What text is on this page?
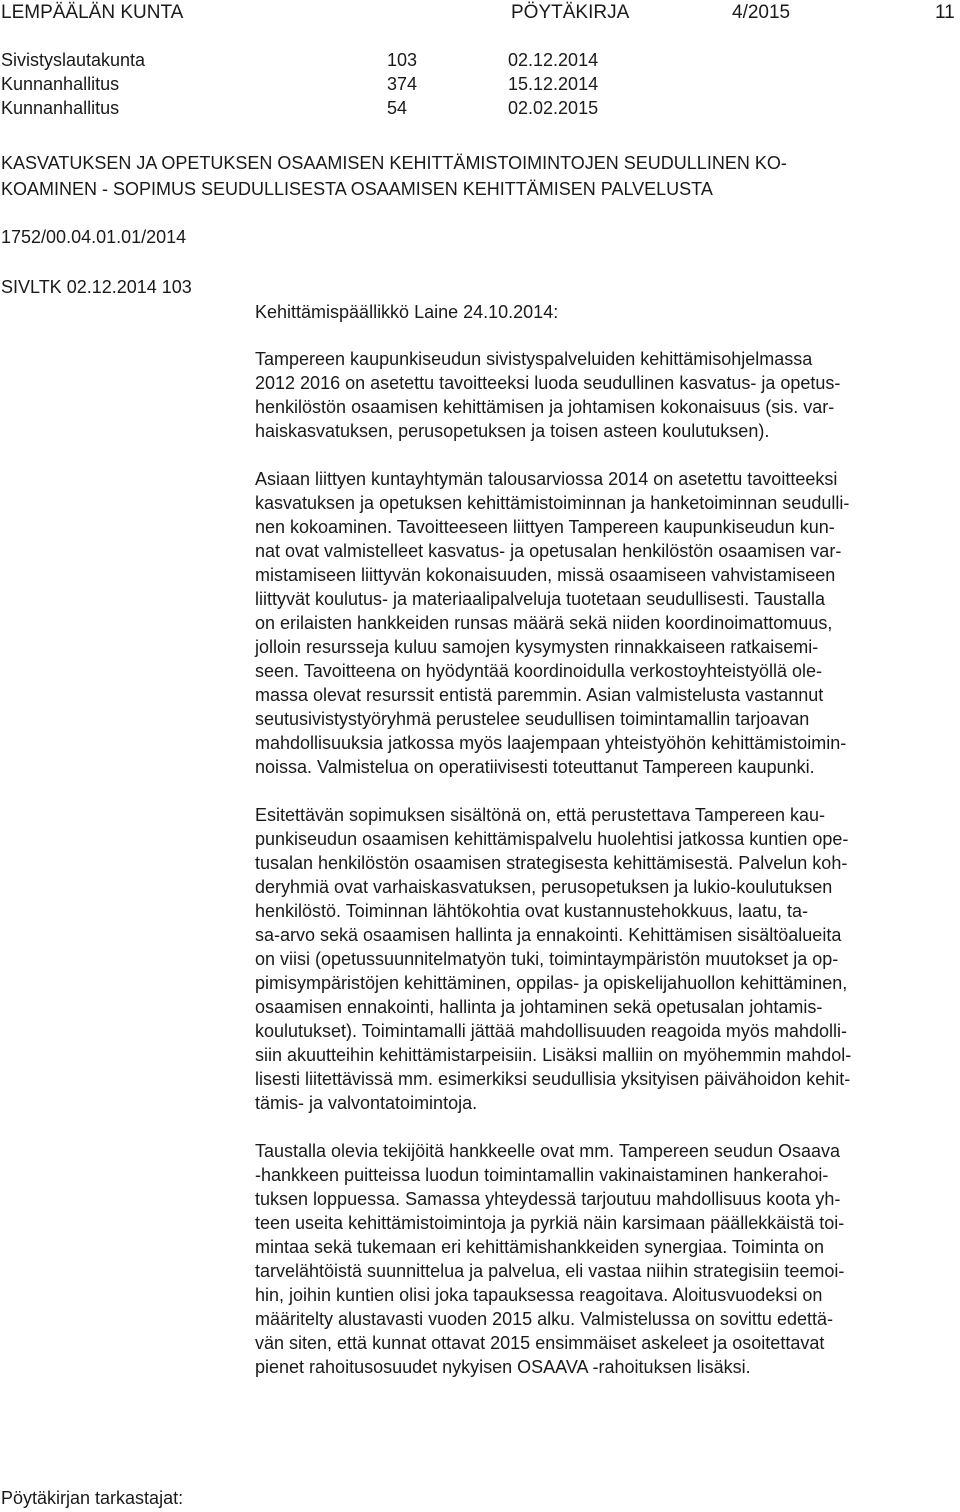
LEMPÄÄLÄN KUNTA	PÖYTÄKIRJA	4/2015	11
Sivistyslautakunta	103	02.12.2014
Kunnanhallitus	374	15.12.2014
Kunnanhallitus	54	02.02.2015
KASVATUKSEN JA OPETUKSEN OSAAMISEN KEHITTÄMISTOIMINTOJEN SEUDULLINEN KO-
KOAMINEN - SOPIMUS SEUDULLISESTA OSAAMISEN KEHITTÄMISEN PALVELUSTA
1752/00.04.01.01/2014
SIVLTK 02.12.2014 103
Kehittämispäällikkö Laine 24.10.2014:
Tampereen kaupunkiseudun sivistyspalveluiden kehittämisohjelmassa
2012 2016 on asetettu tavoitteeksi luoda seudullinen kasvatus- ja opetus-
henkilöstön osaamisen kehittämisen ja johtamisen kokonaisuus (sis. var-
haiskasvatuksen, perusopetuksen ja toisen asteen koulutuksen).
Asiaan liittyen kuntayhtymän talousarviossa 2014 on asetettu tavoitteeksi
kasvatuksen ja opetuksen kehittämistoiminnan ja hanketoiminnan seudulli-
nen kokoaminen. Tavoitteeseen liittyen Tampereen kaupunkiseudun kun-
nat ovat valmistelleet kasvatus- ja opetusalan henkilöstön osaamisen var-
mistamiseen liittyvän kokonaisuuden, missä osaamiseen vahvistamiseen
liittyvät koulutus- ja materiaalipalveluja tuotetaan seudullisesti. Taustalla
on erilaisten hankkeiden runsas määrä sekä niiden koordinoimattomuus,
jolloin resursseja kuluu samojen kysymysten rinnakkaiseen ratkaisemi-
seen. Tavoitteena on hyödyntää koordinoidulla verkostoyhteistyöllä ole-
massa olevat resurssit entistä paremmin. Asian valmistelusta vastannut
seutusivistystyöryhmä perustelee seudullisen toimintamallin tarjoavan
mahdollisuuksia jatkossa myös laajempaan yhteistyöhön kehittämistoimin-
noissa. Valmistelua on operatiivisesti toteuttanut Tampereen kaupunki.
Esitettävän sopimuksen sisältönä on, että perustettava Tampereen kau-
punkiseudun osaamisen kehittämispalvelu huolehtisi jatkossa kuntien ope-
tusalan henkilöstön osaamisen strategisesta kehittämisestä. Palvelun koh-
deryhmiä ovat varhaiskasvatuksen, perusopetuksen ja lukio-koulutuksen
henkilöstö. Toiminnan lähtökohtia ovat kustannustehokkuus, laatu, ta-
sa-arvo sekä osaamisen hallinta ja ennakointi. Kehittämisen sisältöalueita
on viisi (opetussuunnitelmatyön tuki, toimintaympäristön muutokset ja op-
pimisympäristöjen kehittäminen, oppilas- ja opiskelijahuollon kehittäminen,
osaamisen ennakointi, hallinta ja johtaminen sekä opetusalan johtamis-
koulutukset). Toimintamalli jättää mahdollisuuden reagoida myös mahdolli-
siin akuutteihin kehittämistarpeisiin. Lisäksi malliin on myöhemmin mahdol-
lisesti liitettävissä mm. esimerkiksi seudullisia yksityisen päivähoidon kehit-
tämis- ja valvontatoimintoja.
Taustalla olevia tekijöitä hankkeelle ovat mm. Tampereen seudun Osaava
-hankkeen puitteissa luodun toimintamallin vakinaistaminen hankerahoi-
tuksen loppuessa. Samassa yhteydessä tarjoutuu mahdollisuus koota yh-
teen useita kehittämistoimintoja ja pyrkiä näin karsimaan päällekkäistä toi-
mintaa sekä tukemaan eri kehittämishankkeiden synergiaa. Toiminta on
tarvelähtöistä suunnittelua ja palvelua, eli vastaa niihin strategisiin teemoi-
hin, joihin kuntien olisi joka tapauksessa reagoitava. Aloitusvuodeksi on
määritelty alustavasti vuoden 2015 alku. Valmistelussa on sovittu edettä-
vän siten, että kunnat ottavat 2015 ensimmäiset askeleet ja osoitettavat
pienet rahoitusosuudet nykyisen OSAAVA -rahoituksen lisäksi.
Pöytäkirjan tarkastajat:
